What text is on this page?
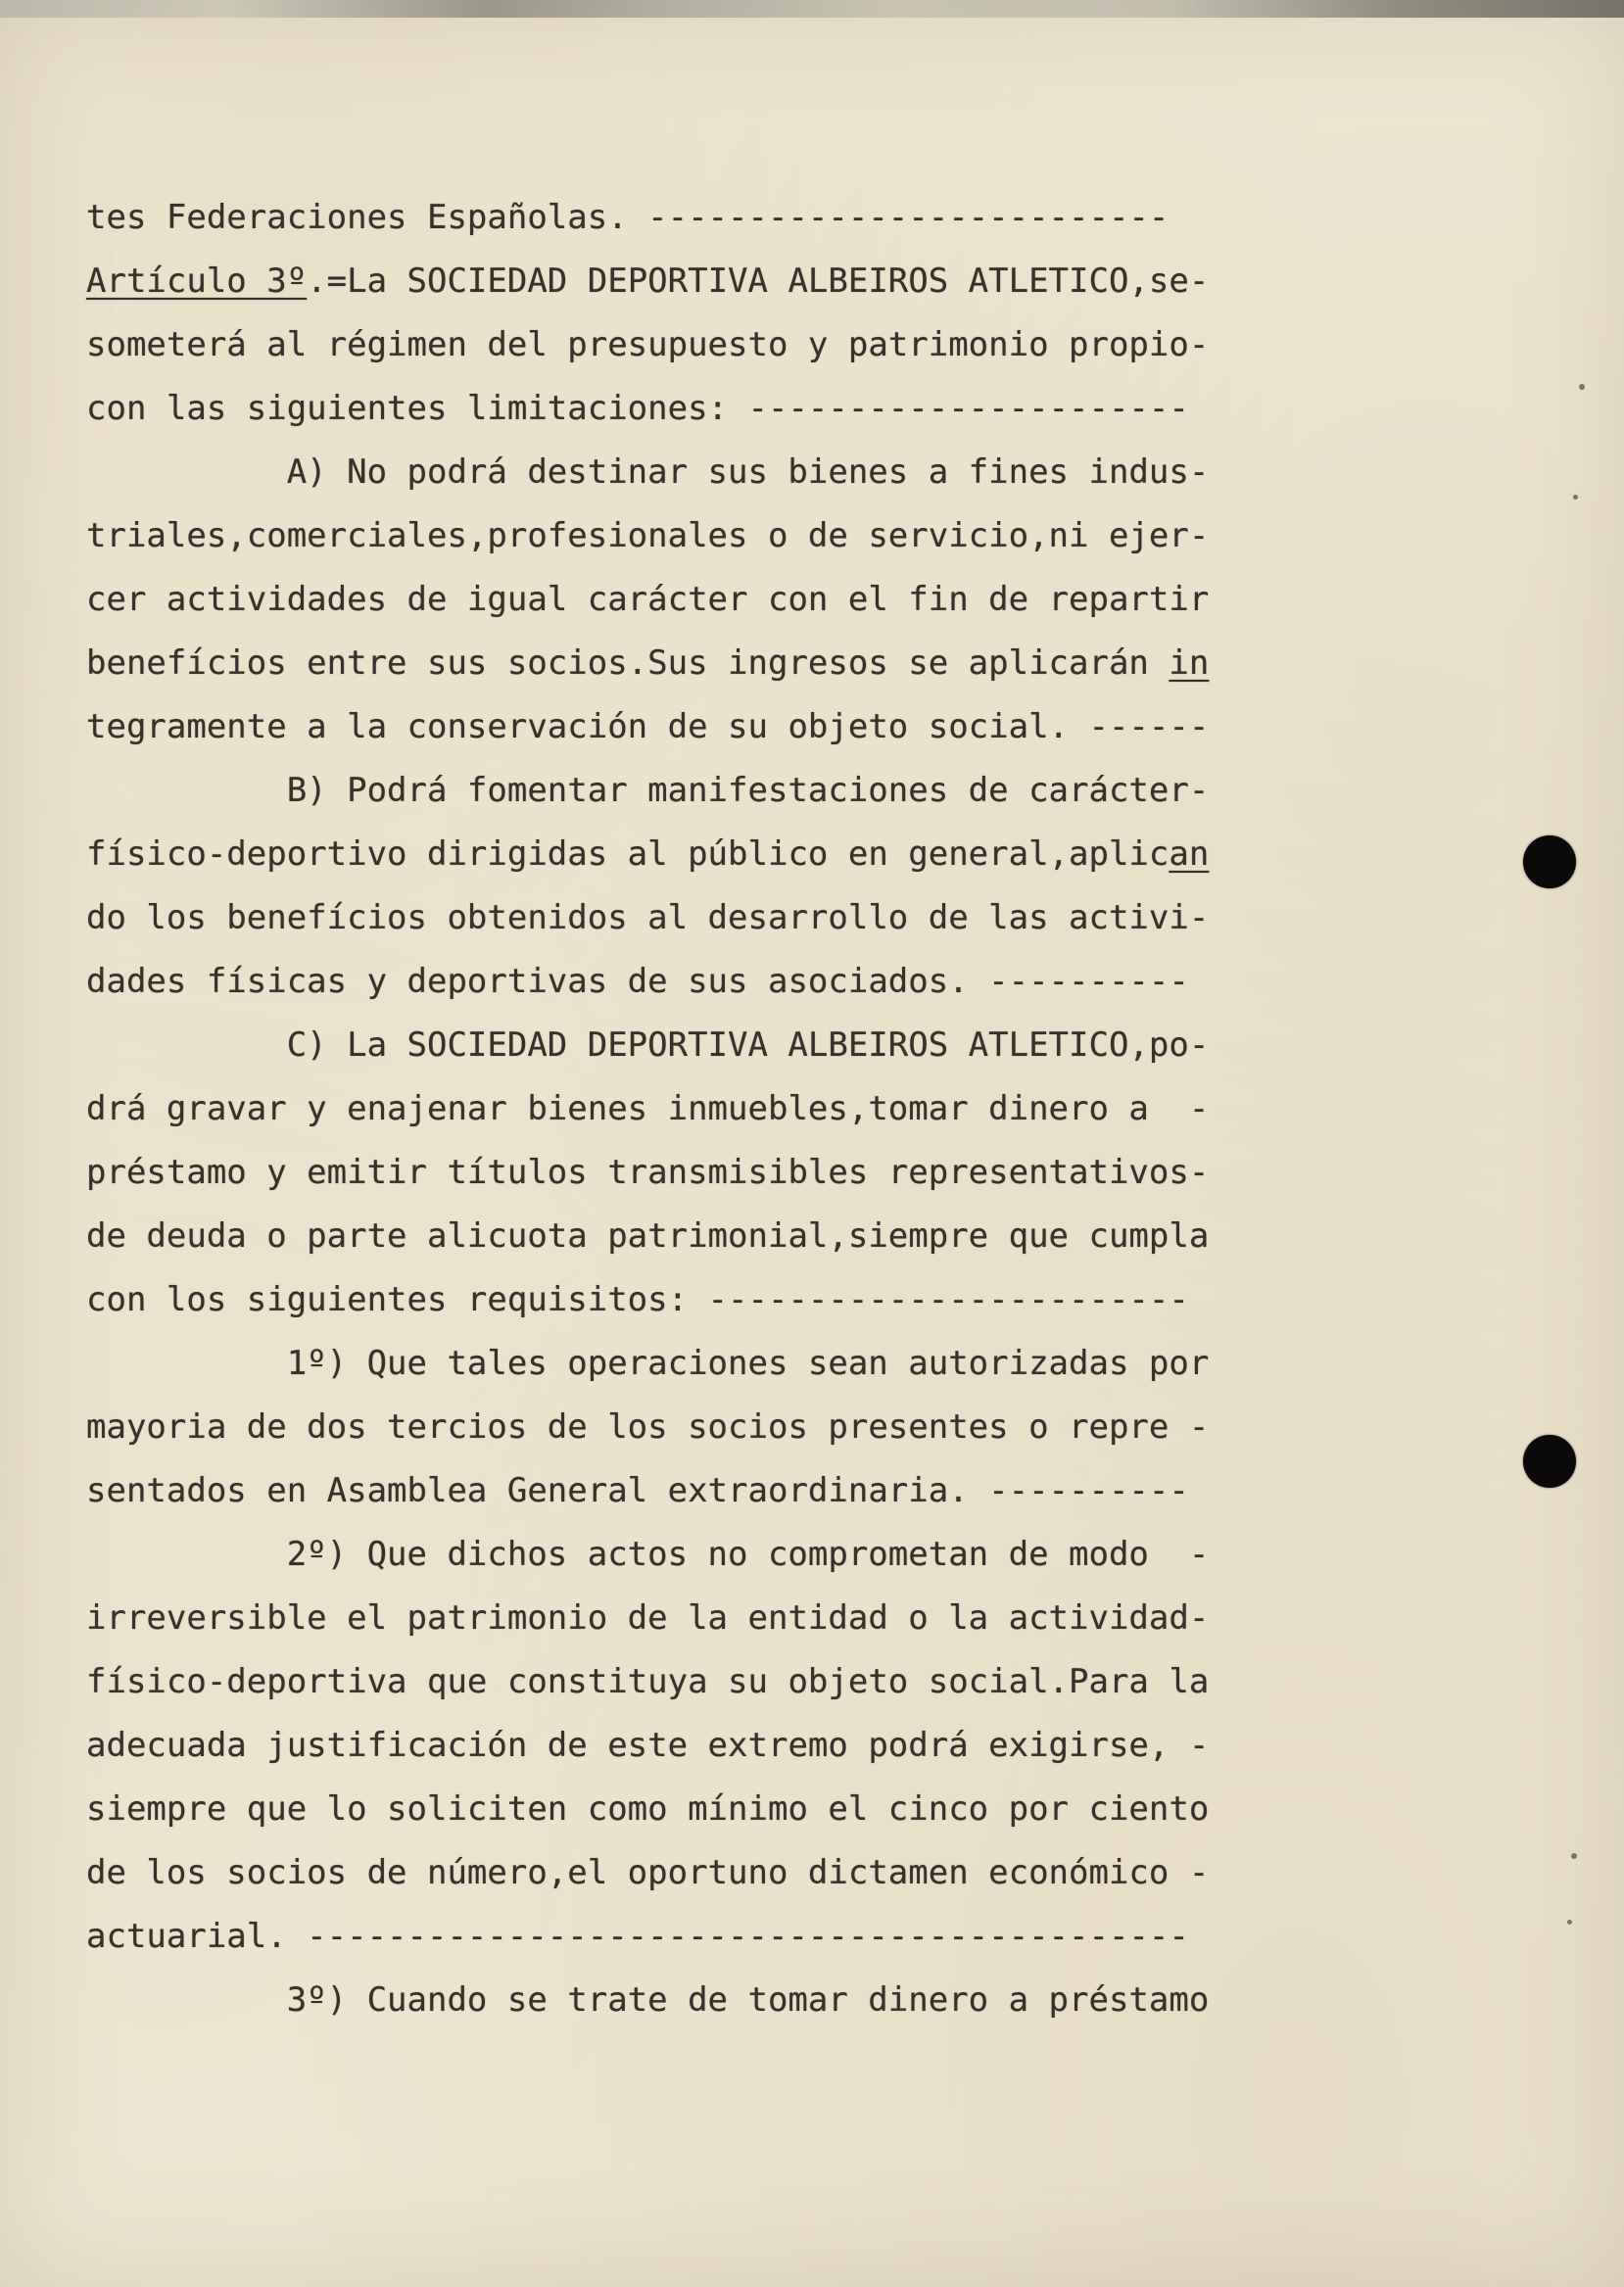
tes Federaciones Españolas. --------------------------
Artículo 3º.=La SOCIEDAD DEPORTIVA ALBEIROS ATLETICO,se-
someterá al régimen del presupuesto y patrimonio propio-
con las siguientes limitaciones: ----------------------
A) No podrá destinar sus bienes a fines indus-
triales,comerciales,profesionales o de servicio,ni ejer-
cer actividades de igual carácter con el fin de repartir
benefícios entre sus socios.Sus ingresos se aplicarán in
tegramente a la conservación de su objeto social. ------
B) Podrá fomentar manifestaciones de carácter-
físico-deportivo dirigidas al público en general,aplican
do los benefícios obtenidos al desarrollo de las activi-
dades físicas y deportivas de sus asociados. ----------
C) La SOCIEDAD DEPORTIVA ALBEIROS ATLETICO,po-
drá gravar y enajenar bienes inmuebles,tomar dinero a  -
préstamo y emitir títulos transmisibles representativos-
de deuda o parte alicuota patrimonial,siempre que cumpla
con los siguientes requisitos: ------------------------
1º) Que tales operaciones sean autorizadas por
mayoria de dos tercios de los socios presentes o repre -
sentados en Asamblea General extraordinaria. ----------
2º) Que dichos actos no comprometan de modo  -
irreversible el patrimonio de la entidad o la actividad-
físico-deportiva que constituya su objeto social.Para la
adecuada justificación de este extremo podrá exigirse, -
siempre que lo soliciten como mínimo el cinco por ciento
de los socios de número,el oportuno dictamen económico -
actuarial. --------------------------------------------
3º) Cuando se trate de tomar dinero a préstamo
